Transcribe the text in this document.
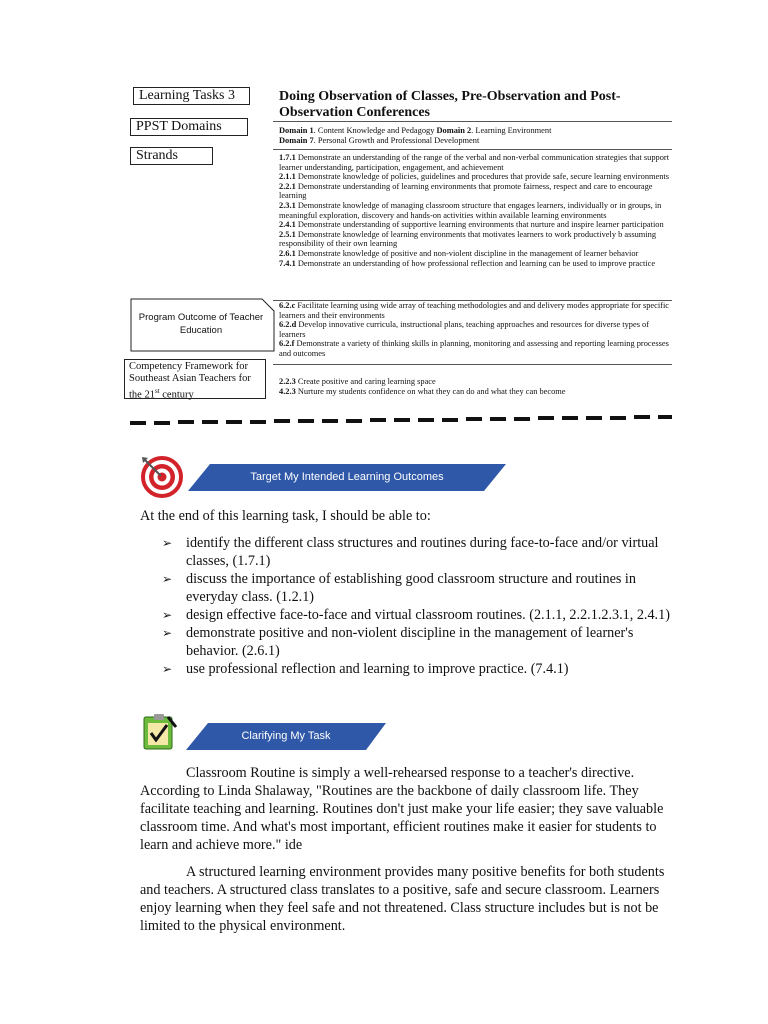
Learning Tasks 3
PPST Domains
Strands
Program Outcome of Teacher Education
Competency Framework for Southeast Asian Teachers for the 21st century
Doing Observation of Classes, Pre-Observation and Post-
Observation Conferences
Domain 1. Content Knowledge and Pedagogy Domain 2. Learning Environment
Domain 7. Personal Growth and Professional Development
1.7.1 Demonstrate an understanding of the range of the verbal and non-verbal communication strategies that support learner understanding, participation, engagement, and achievement
2.1.1 Demonstrate knowledge of policies, guidelines and procedures that provide safe, secure learning environments
2.2.1 Demonstrate understanding of learning environments that promote fairness, respect and care to encourage learning
2.3.1 Demonstrate knowledge of managing classroom structure that engages learners, individually or in groups, in meaningful exploration, discovery and hands-on activities within available learning environments
2.4.1 Demonstrate understanding of supportive learning environments that nurture and inspire learner participation
2.5.1 Demonstrate knowledge of learning environments that motivates learners to work productively b assuming responsibility of their own learning
2.6.1 Demonstrate knowledge of positive and non-violent discipline in the management of learner behavior
7.4.1 Demonstrate an understanding of how professional reflection and learning can be used to improve practice
6.2.c Facilitate learning using wide array of teaching methodologies and and delivery modes appropriate for specific learners and their environments
6.2.d Develop innovative curricula, instructional plans, teaching approaches and resources for diverse types of learners
6.2.f Demonstrate a variety of thinking skills in planning, monitoring and assessing and reporting learning processes and outcomes
2.2.3 Create positive and caring learning space
4.2.3 Nurture my students confidence on what they can do and what they can become
Target My Intended Learning Outcomes
At the end of this learning task, I should be able to:
➢ identify the different class structures and routines during face-to-face and/or virtual classes, (1.7.1)
➢ discuss the importance of establishing good classroom structure and routines in everyday class. (1.2.1)
➢ design effective face-to-face and virtual classroom routines. (2.1.1, 2.2.1.2.3.1, 2.4.1)
➢ demonstrate positive and non-violent discipline in the management of learner's behavior. (2.6.1)
➢ use professional reflection and learning to improve practice. (7.4.1)
Clarifying My Task
Classroom Routine is simply a well-rehearsed response to a teacher's directive. According to Linda Shalaway, "Routines are the backbone of daily classroom life. They facilitate teaching and learning. Routines don't just make your life easier; they save valuable classroom time. And what's most important, efficient routines make it easier for students to learn and achieve more." ide
A structured learning environment provides many positive benefits for both students and teachers. A structured class translates to a positive, safe and secure classroom. Learners enjoy learning when they feel safe and not threatened. Class structure includes but is not be limited to the physical environment.
